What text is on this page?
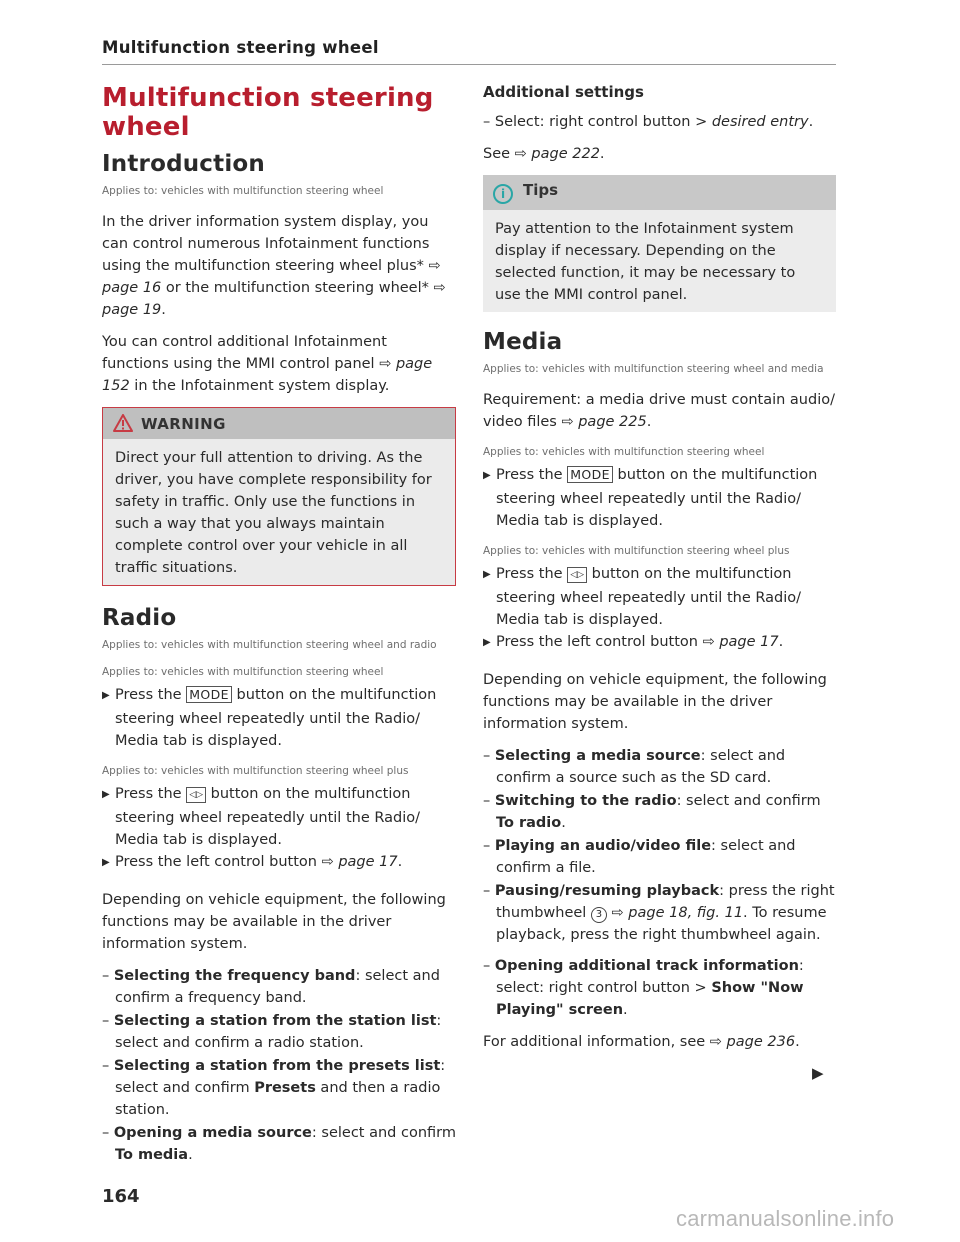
Multifunction steering wheel
Multifunction steering wheel
Introduction
Applies to: vehicles with multifunction steering wheel

In the driver information system display, you can control numerous Infotainment functions using the multifunction steering wheel plus* ⇨ page 16 or the multifunction steering wheel* ⇨ page 19.

You can control additional Infotainment functions using the MMI control panel ⇨ page 152 in the Infotainment system display.

WARNING
Direct your full attention to driving. As the driver, you have complete responsibility for safety in traffic. Only use the functions in such a way that you always maintain complete control over your vehicle in all traffic situations.
Radio
Applies to: vehicles with multifunction steering wheel and radio
Applies to: vehicles with multifunction steering wheel

▶ Press the MODE button on the multifunction steering wheel repeatedly until the Radio/ Media tab is displayed.

Applies to: vehicles with multifunction steering wheel plus

▶ Press the ◁▷ button on the multifunction steering wheel repeatedly until the Radio/ Media tab is displayed.

▶ Press the left control button ⇨ page 17.

Depending on vehicle equipment, the following functions may be available in the driver information system.

– Selecting the frequency band: select and confirm a frequency band.

– Selecting a station from the station list: select and confirm a radio station.

– Selecting a station from the presets list: select and confirm Presets and then a radio station.

– Opening a media source: select and confirm To media.

Additional settings

– Select: right control button > desired entry.

See ⇨ page 222.

i Tips
Pay attention to the Infotainment system display if necessary. Depending on the selected function, it may be necessary to use the MMI control panel.
Media
Applies to: vehicles with multifunction steering wheel and media

Requirement: a media drive must contain audio/ video files ⇨ page 225.

Applies to: vehicles with multifunction steering wheel

▶ Press the MODE button on the multifunction steering wheel repeatedly until the Radio/ Media tab is displayed.

Applies to: vehicles with multifunction steering wheel plus

▶ Press the ◁▷ button on the multifunction steering wheel repeatedly until the Radio/ Media tab is displayed.

▶ Press the left control button ⇨ page 17.

Depending on vehicle equipment, the following functions may be available in the driver information system.

– Selecting a media source: select and confirm a source such as the SD card.

– Switching to the radio: select and confirm To radio.

– Playing an audio/video file: select and confirm a file.

– Pausing/resuming playback: press the right thumbwheel 3 ⇨ page 18, fig. 11. To resume playback, press the right thumbwheel again.

– Opening additional track information: select: right control button > Show "Now Playing" screen.

For additional information, see ⇨ page 236.

▶
164
carmanualsonline.info
